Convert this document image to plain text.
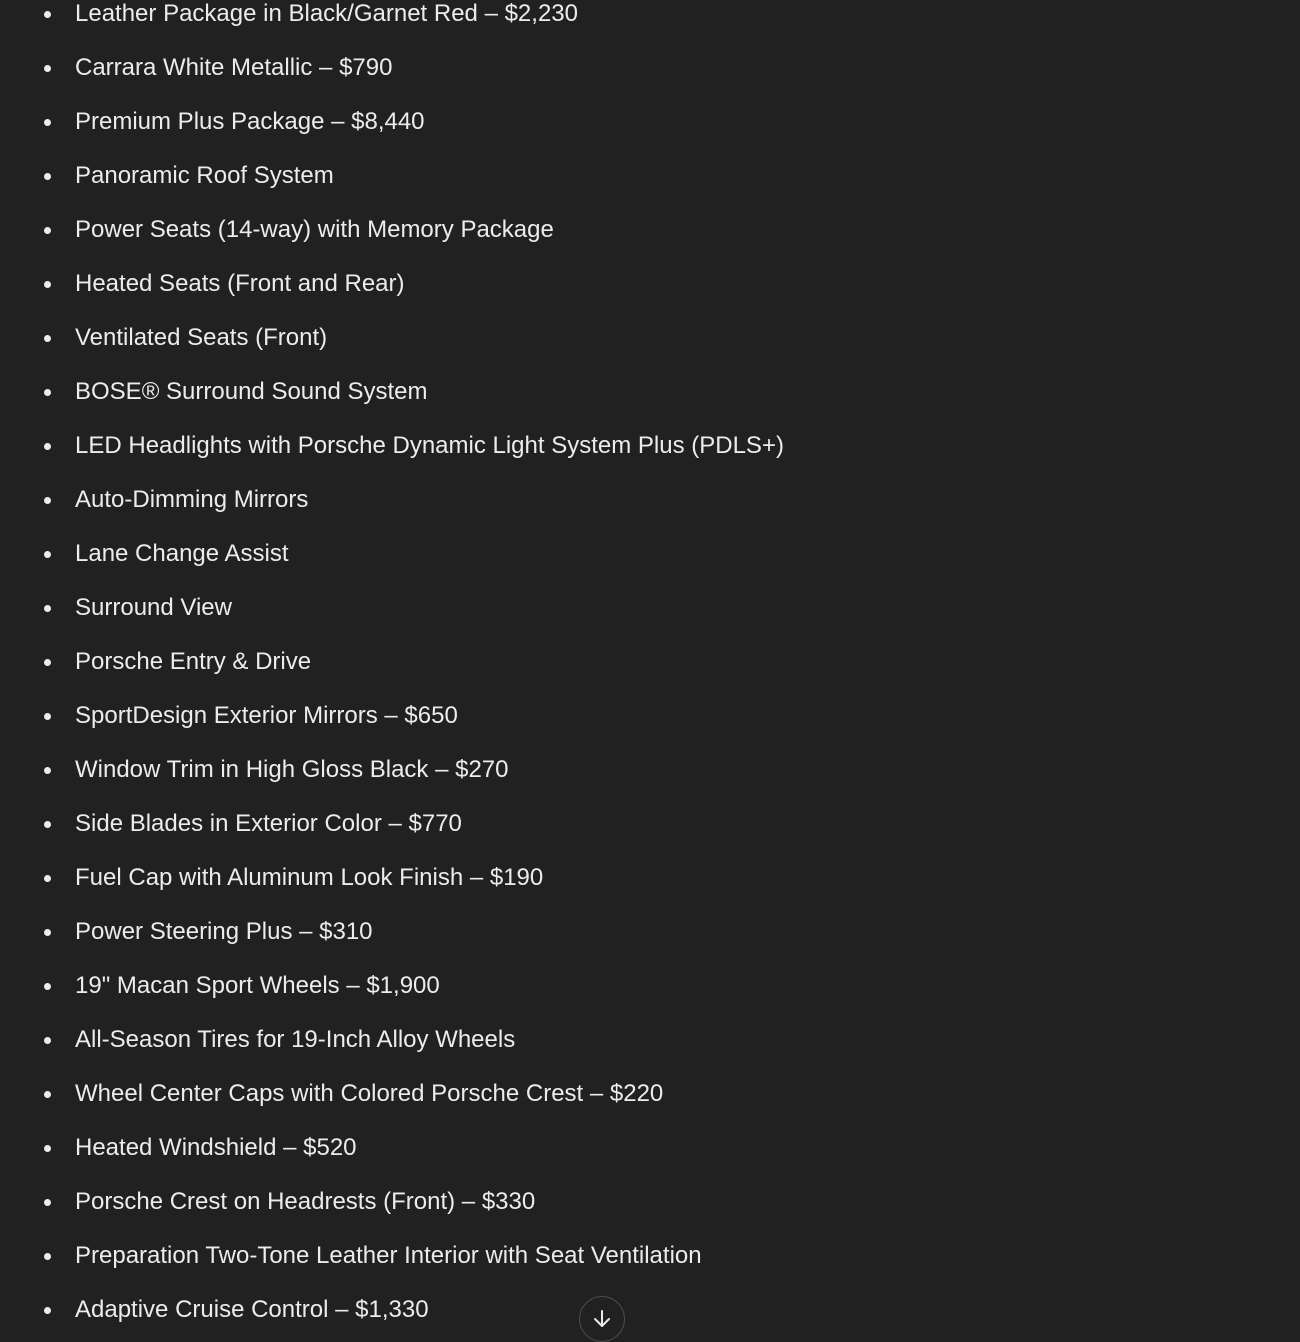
Leather Package in Black/Garnet Red – $2,230
Carrara White Metallic – $790
Premium Plus Package – $8,440
Panoramic Roof System
Power Seats (14-way) with Memory Package
Heated Seats (Front and Rear)
Ventilated Seats (Front)
BOSE® Surround Sound System
LED Headlights with Porsche Dynamic Light System Plus (PDLS+)
Auto-Dimming Mirrors
Lane Change Assist
Surround View
Porsche Entry & Drive
SportDesign Exterior Mirrors – $650
Window Trim in High Gloss Black – $270
Side Blades in Exterior Color – $770
Fuel Cap with Aluminum Look Finish – $190
Power Steering Plus – $310
19" Macan Sport Wheels – $1,900
All-Season Tires for 19-Inch Alloy Wheels
Wheel Center Caps with Colored Porsche Crest – $220
Heated Windshield – $520
Porsche Crest on Headrests (Front) – $330
Preparation Two-Tone Leather Interior with Seat Ventilation
Adaptive Cruise Control – $1,330
